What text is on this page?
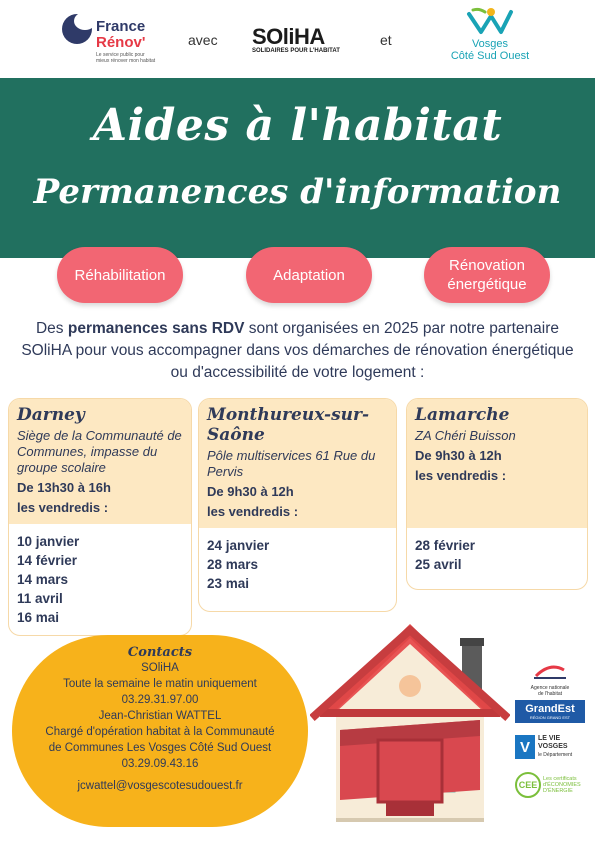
France
Rénov'
Le service public pour mieux rénover mon habitat
avec SOliHA
SOLIDAIRES POUR L'HABITAT
et	Vosges
Côté Sud Ouest
Aides à l'habitat
Permanences d'information
Réhabilitation	Adaptation
Rénovation énergétique
Des permanences sans RDV sont organisées en 2025 par notre partenaire SOliHA pour vous accompagner dans vos démarches de rénovation énergétique ou d'accessibilité de votre logement :
Darney
Siège de la Communauté de Communes, impasse du groupe scolaire
De 13h30 à 16h
les vendredis :
10 janvier
14 février
14 mars
11 avril
16 mai
Monthureux-sur-Saône
Pôle multiservices 61 Rue du Pervis
De 9h30 à 12h
les vendredis :
24 janvier
28 mars
23 mai
Lamarche
ZA Chéri Buisson
De 9h30 à 12h
les vendredis :
28 février
25 avril
Contacts
SOliHA
Toute la semaine le matin uniquement
03.29.31.97.00
Jean-Christian WATTEL
Chargé d'opération habitat à la Communauté
de Communes Les Vosges Côté Sud Ouest
03.29.09.43.16
jcwattel@vosgescotesudouest.fr
Agence nationale
de l'habitat
GrandEst
RÉGION GRAND EST
V	LE VIE
VOSGES
le Département
CEE
Les certificats
d'ÉCONOMIES
D'ÉNERGIE
